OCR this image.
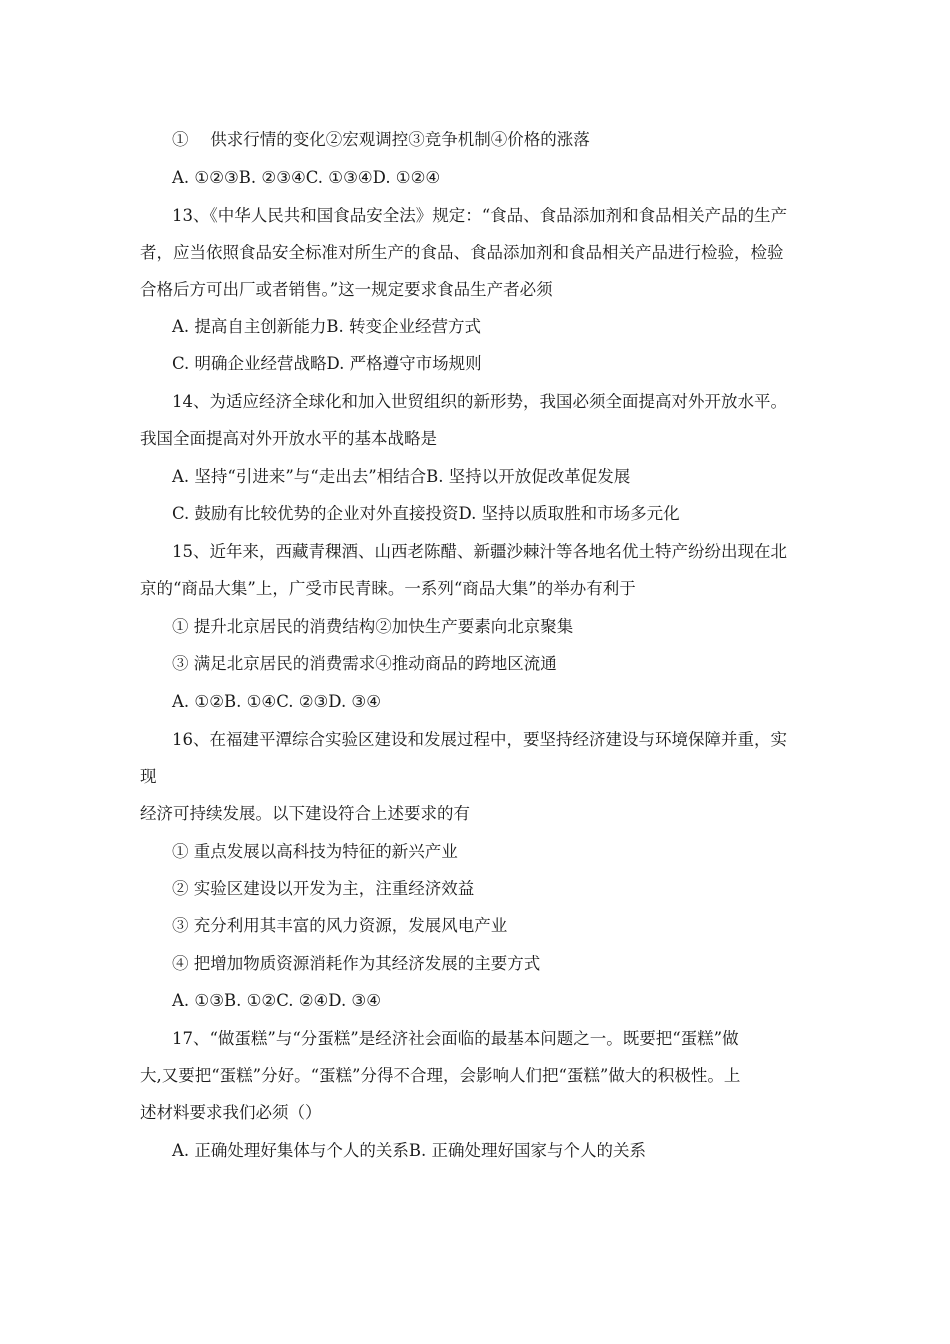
①　 供求行情的变化②宏观调控③竞争机制④价格的涨落
A. ①②③B. ②③④C. ①③④D. ①②④
13、《中华人民共和国食品安全法》规定：“食品、食品添加剂和食品相关产品的生产
者，应当依照食品安全标准对所生产的食品、食品添加剂和食品相关产品进行检验，检验
合格后方可出厂或者销售。”这一规定要求食品生产者必须
A. 提高自主创新能力B. 转变企业经营方式
C. 明确企业经营战略D. 严格遵守市场规则
14、为适应经济全球化和加入世贸组织的新形势，我国必须全面提高对外开放水平。
我国全面提高对外开放水平的基本战略是
A. 坚持“引进来”与“走出去”相结合B. 坚持以开放促改革促发展
C. 鼓励有比较优势的企业对外直接投资D. 坚持以质取胜和市场多元化
15、近年来，西藏青稞酒、山西老陈醋、新疆沙棘汁等各地名优土特产纷纷出现在北
京的“商品大集”上，广受市民青睐。一系列“商品大集”的举办有利于
① 提升北京居民的消费结构②加快生产要素向北京聚集
③ 满足北京居民的消费需求④推动商品的跨地区流通
A. ①②B. ①④C. ②③D. ③④
16、在福建平潭综合实验区建设和发展过程中，要坚持经济建设与环境保障并重，实
现
经济可持续发展。以下建设符合上述要求的有
① 重点发展以高科技为特征的新兴产业
② 实验区建设以开发为主，注重经济效益
③ 充分利用其丰富的风力资源，发展风电产业
④ 把增加物质资源消耗作为其经济发展的主要方式
A. ①③B. ①②C. ②④D. ③④
17、“做蛋糕”与“分蛋糕”是经济社会面临的最基本问题之一。既要把“蛋糕”做
大,又要把“蛋糕”分好。“蛋糕”分得不合理，会影响人们把“蛋糕”做大的积极性。上
述材料要求我们必须（）
A. 正确处理好集体与个人的关系B. 正确处理好国家与个人的关系
